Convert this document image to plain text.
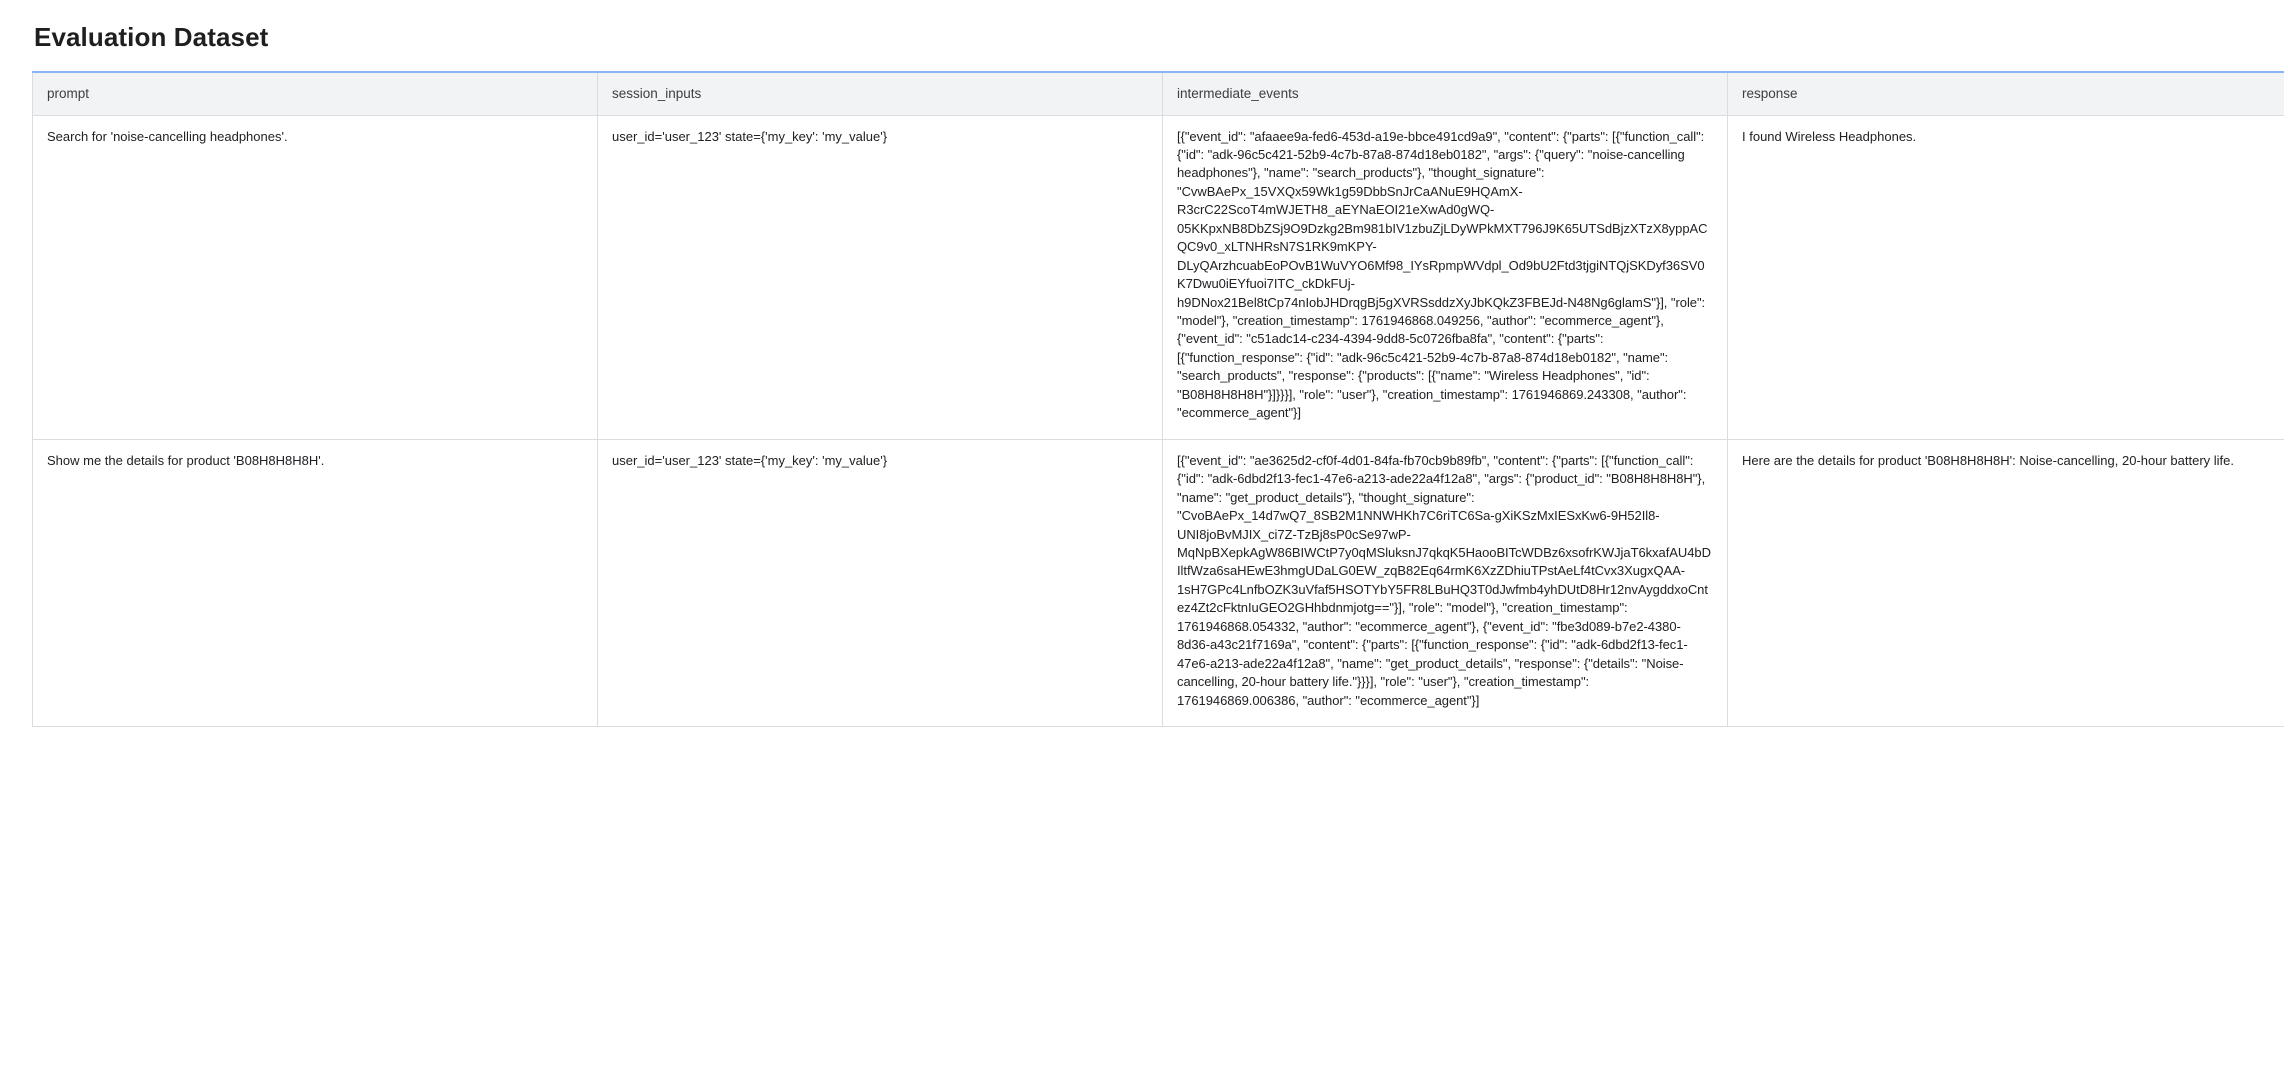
Evaluation Dataset
prompt	session_inputs	intermediate_events	response
Search for 'noise-cancelling headphones'.	user_id='user_123' state={'my_key': 'my_value'}	[{"event_id": "afaaee9a-fed6-453d-a19e-bbce491cd9a9", "content": {"parts": [{"function_call": {"id": "adk-96c5c421-52b9-4c7b-87a8-874d18eb0182", "args": {"query": "noise-cancelling headphones"}, "name": "search_products"}, "thought_signature": "CvwBAePx_15VXQx59Wk1g59DbbSnJrCaANuE9HQAmX-R3crC22ScoT4mWJETH8_aEYNaEOI21eXwAd0gWQ-05KKpxNB8DbZSj9O9Dzkg2Bm981bIV1zbuZjLDyWPkMXT796J9K65UTSdBjzXTzX8yppACQC9v0_xLTNHRsN7S1RK9mKPY-DLyQArzhcuabEoPOvB1WuVYO6Mf98_IYsRpmpWVdpl_Od9bU2Ftd3tjgiNTQjSKDyf36SV0K7Dwu0iEYfuoi7ITC_ckDkFUj-h9DNox21Bel8tCp74nIobJHDrqgBj5gXVRSsddzXyJbKQkZ3FBEJd-N48Ng6glamS"}], "role": "model"}, "creation_timestamp": 1761946868.049256, "author": "ecommerce_agent"}, {"event_id": "c51adc14-c234-4394-9dd8-5c0726fba8fa", "content": {"parts": [{"function_response": {"id": "adk-96c5c421-52b9-4c7b-87a8-874d18eb0182", "name": "search_products", "response": {"products": [{"name": "Wireless Headphones", "id": "B08H8H8H8H"}]}}}], "role": "user"}, "creation_timestamp": 1761946869.243308, "author": "ecommerce_agent"}]	I found Wireless Headphones.
Show me the details for product 'B08H8H8H8H'.	user_id='user_123' state={'my_key': 'my_value'}	[{"event_id": "ae3625d2-cf0f-4d01-84fa-fb70cb9b89fb", "content": {"parts": [{"function_call": {"id": "adk-6dbd2f13-fec1-47e6-a213-ade22a4f12a8", "args": {"product_id": "B08H8H8H8H"}, "name": "get_product_details"}, "thought_signature": "CvoBAePx_14d7wQ7_8SB2M1NNWHKh7C6riTC6Sa-gXiKSzMxIESxKw6-9H52Il8-UNI8joBvMJIX_ci7Z-TzBj8sP0cSe97wP-MqNpBXepkAgW86BIWCtP7y0qMSluksnJ7qkqK5HaooBITcWDBz6xsofrKWJjaT6kxafAU4bDIltfWza6saHEwE3hmgUDaLG0EW_zqB82Eq64rmK6XzZDhiuTPstAeLf4tCvx3XugxQAA-1sH7GPc4LnfbOZK3uVfaf5HSOTYbY5FR8LBuHQ3T0dJwfmb4yhDUtD8Hr12nvAygddxoCntez4Zt2cFktnIuGEO2GHhbdnmjotg=="}], "role": "model"}, "creation_timestamp": 1761946868.054332, "author": "ecommerce_agent"}, {"event_id": "fbe3d089-b7e2-4380-8d36-a43c21f7169a", "content": {"parts": [{"function_response": {"id": "adk-6dbd2f13-fec1-47e6-a213-ade22a4f12a8", "name": "get_product_details", "response": {"details": "Noise-cancelling, 20-hour battery life."}}}], "role": "user"}, "creation_timestamp": 1761946869.006386, "author": "ecommerce_agent"}]	Here are the details for product 'B08H8H8H8H': Noise-cancelling, 20-hour battery life.
